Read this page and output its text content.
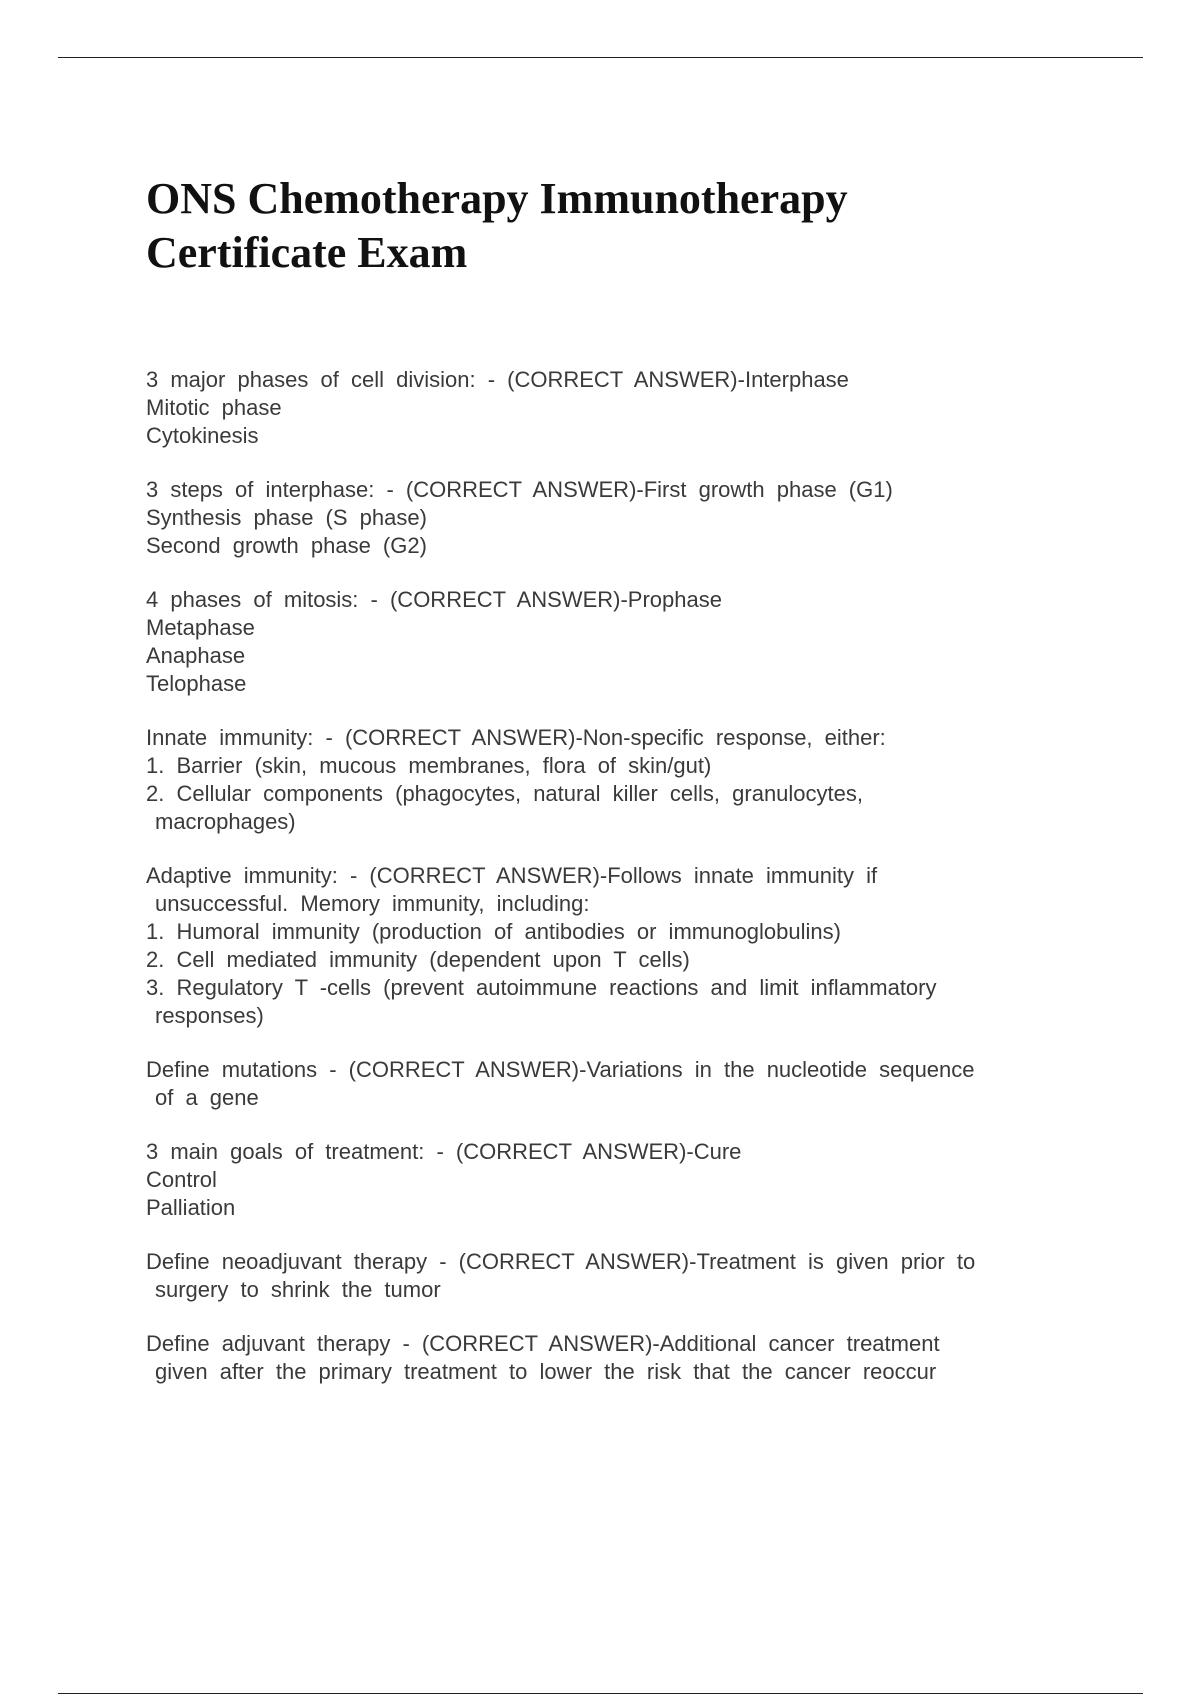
ONS Chemotherapy Immunotherapy
Certificate Exam
3 major phases of cell division: - (CORRECT ANSWER)-Interphase
Mitotic phase
Cytokinesis
3 steps of interphase: - (CORRECT ANSWER)-First growth phase (G1)
Synthesis phase (S phase)
Second growth phase (G2)
4 phases of mitosis: - (CORRECT ANSWER)-Prophase
Metaphase
Anaphase
Telophase
Innate immunity: - (CORRECT ANSWER)-Non-specific response, either:
1. Barrier (skin, mucous membranes, flora of skin/gut)
2. Cellular components (phagocytes, natural killer cells, granulocytes,
macrophages)
Adaptive immunity: - (CORRECT ANSWER)-Follows innate immunity if
unsuccessful. Memory immunity, including:
1. Humoral immunity (production of antibodies or immunoglobulins)
2. Cell mediated immunity (dependent upon T cells)
3. Regulatory T -cells (prevent autoimmune reactions and limit inflammatory
responses)
Define mutations - (CORRECT ANSWER)-Variations in the nucleotide sequence
of a gene
3 main goals of treatment: - (CORRECT ANSWER)-Cure
Control
Palliation
Define neoadjuvant therapy - (CORRECT ANSWER)-Treatment is given prior to
surgery to shrink the tumor
Define adjuvant therapy - (CORRECT ANSWER)-Additional cancer treatment
given after the primary treatment to lower the risk that the cancer reoccur
